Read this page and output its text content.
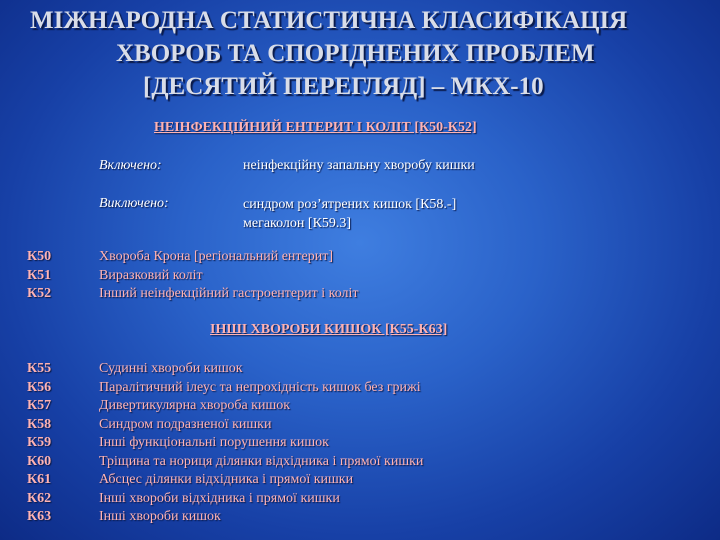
МІЖНАРОДНА СТАТИСТИЧНА КЛАСИФІКАЦІЯ
ХВОРОБ ТА СПОРІДНЕНИХ ПРОБЛЕМ
[ДЕСЯТИЙ ПЕРЕГЛЯД] – МКХ-10
НЕІНФЕКЦІЙНИЙ ЕНТЕРИТ І КОЛІТ [К50-К52]
Включено:	неінфекційну запальну хворобу кишки
Виключено:	синдром роз’ятрених кишок [К58.-]
мегаколон [К59.3]
К50
К51
К52
Хвороба Крона [регіональний ентерит]
Виразковий коліт
Інший неінфекційний гастроентерит і коліт
ІНШІ ХВОРОБИ КИШОК [К55-К63]
К55
К56
К57
К58
К59
К60
К61
К62
К63
Судинні хвороби кишок
Паралітичний ілеус та непрохідність кишок без грижі
Дивертикулярна хвороба кишок
Синдром подразненої кишки
Інші функціональні порушення кишок
Тріщина та нориця ділянки відхідника і прямої кишки
Абсцес ділянки відхідника і прямої кишки
Інші хвороби відхідника і прямої кишки
Інші хвороби кишок
